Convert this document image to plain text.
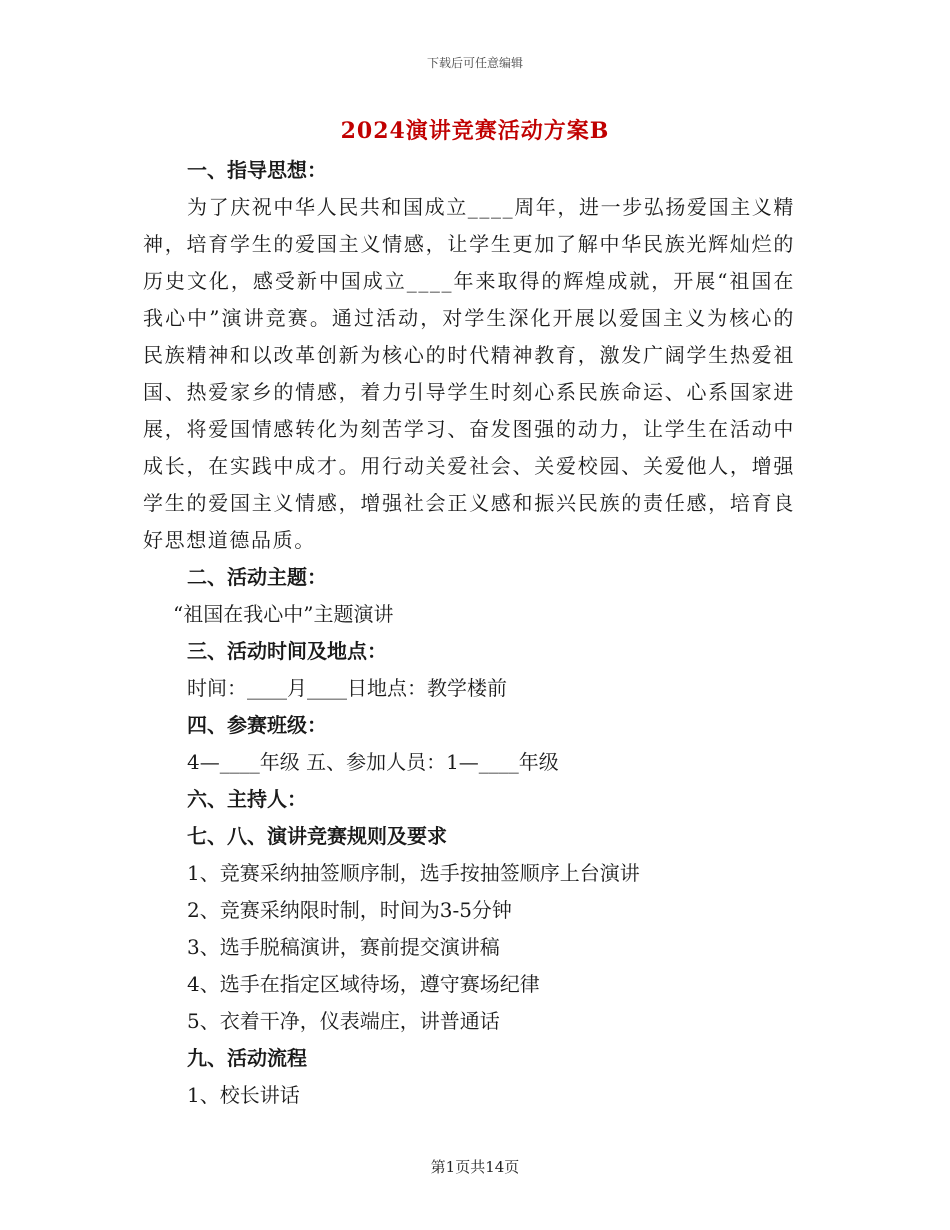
下载后可任意编辑
2024演讲竞赛活动方案B
一、指导思想：

为了庆祝中华人民共和国成立____周年，进一步弘扬爱国主义精神，培育学生的爱国主义情感，让学生更加了解中华民族光辉灿烂的历史文化，感受新中国成立____年来取得的辉煌成就，开展“祖国在我心中”演讲竞赛。通过活动，对学生深化开展以爱国主义为核心的民族精神和以改革创新为核心的时代精神教育，激发广阔学生热爱祖国、热爱家乡的情感，着力引导学生时刻心系民族命运、心系国家进展，将爱国情感转化为刻苦学习、奋发图强的动力，让学生在活动中成长，在实践中成才。用行动关爱社会、关爱校园、关爱他人，增强学生的爱国主义情感，增强社会正义感和振兴民族的责任感，培育良好思想道德品质。

二、活动主题：
“祖国在我心中”主题演讲
三、活动时间及地点：
时间：____月____日地点：教学楼前
四、参赛班级：
4—____年级 五、参加人员：1—____年级
六、主持人：
七、八、演讲竞赛规则及要求
1、竞赛采纳抽签顺序制，选手按抽签顺序上台演讲
2、竞赛采纳限时制，时间为3-5分钟
3、选手脱稿演讲，赛前提交演讲稿
4、选手在指定区域待场，遵守赛场纪律
5、衣着干净，仪表端庄，讲普通话
九、活动流程
1、校长讲话
第1页共14页
